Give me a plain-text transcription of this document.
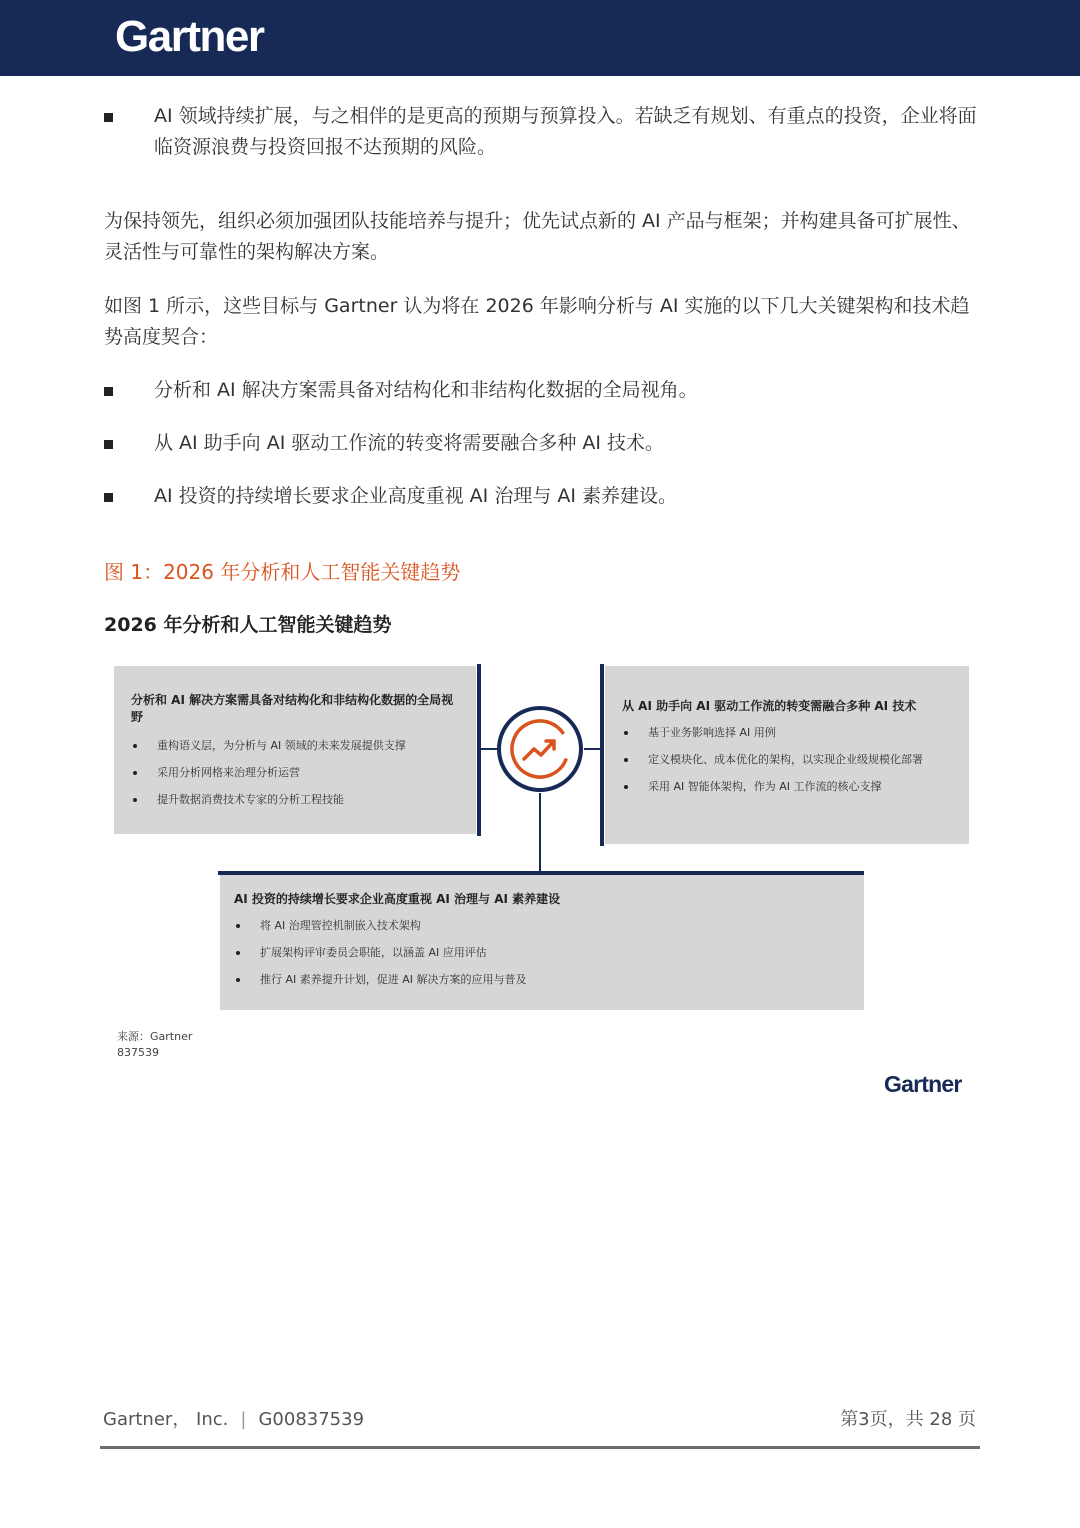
Gartner
AI 领域持续扩展，与之相伴的是更高的预期与预算投入。若缺乏有规划、有重点的投资，企业将面临资源浪费与投资回报不达预期的风险。
为保持领先，组织必须加强团队技能培养与提升；优先试点新的 AI 产品与框架；并构建具备可扩展性、灵活性与可靠性的架构解决方案。
如图 1 所示，这些目标与 Gartner 认为将在 2026 年影响分析与 AI 实施的以下几大关键架构和技术趋势高度契合：
分析和 AI 解决方案需具备对结构化和非结构化数据的全局视角。
从 AI 助手向 AI 驱动工作流的转变将需要融合多种 AI 技术。
AI 投资的持续增长要求企业高度重视 AI 治理与 AI 素养建设。
图 1：2026 年分析和人工智能关键趋势
2026 年分析和人工智能关键趋势
分析和 AI 解决方案需具备对结构化和非结构化数据的全局视野
重构语义层，为分析与 AI 领域的未来发展提供支撑
采用分析网格来治理分析运营
提升数据消费技术专家的分析工程技能
从 AI 助手向 AI 驱动工作流的转变需融合多种 AI 技术
基于业务影响选择 AI 用例
定义模块化、成本优化的架构，以实现企业级规模化部署
采用 AI 智能体架构，作为 AI 工作流的核心支撑
AI 投资的持续增长要求企业高度重视 AI 治理与 AI 素养建设
将 AI 治理管控机制嵌入技术架构
扩展架构评审委员会职能，以涵盖 AI 应用评估
推行 AI 素养提升计划，促进 AI 解决方案的应用与普及
来源：Gartner
837539
Gartner
Gartner， Inc. | G00837539	第3页，共 28 页
